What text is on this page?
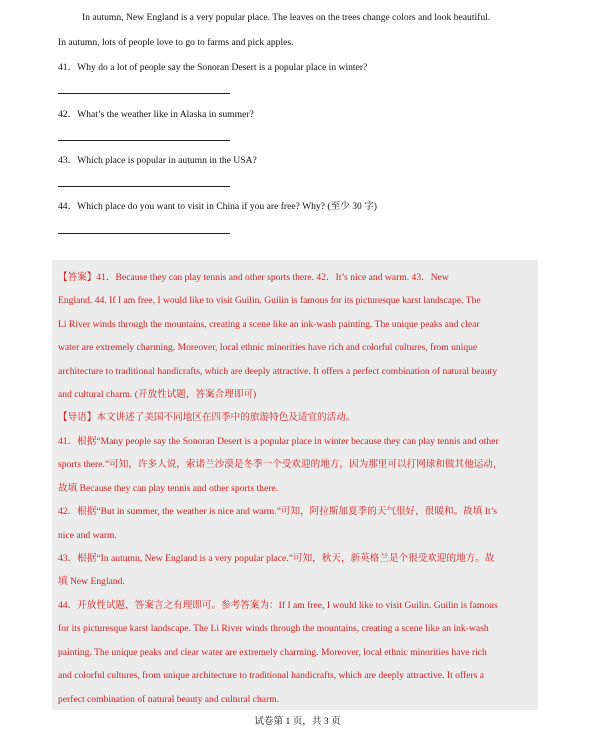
In autumn, New England is a very popular place. The leaves on the trees change colors and look beautiful.
In autumn, lots of people love to go to farms and pick apples.
41．Why do a lot of people say the Sonoran Desert is a popular place in winter?
42．What’s the weather like in Alaska in summer?
43．Which place is popular in autumn in the USA?
44．Which place do you want to visit in China if you are free? Why? (至少 30 字)
【答案】41．Because they can play tennis and other sports there. 42．It’s nice and warm. 43．New
England. 44. If I am free, I would like to visit Guilin. Guilin is famous for its picturesque karst landscape. The
Li River winds through the mountains, creating a scene like an ink-wash painting. The unique peaks and clear
water are extremely charming. Moreover, local ethnic minorities have rich and colorful cultures, from unique
architecture to traditional handicrafts, which are deeply attractive. It offers a perfect combination of natural beauty
and cultural charm. (开放性试题，答案合理即可)
【导语】本文讲述了美国不同地区在四季中的旅游特色及适宜的活动。
41．根据“Many people say the Sonoran Desert is a popular place in winter because they can play tennis and other
sports there.”可知，许多人说，索诺兰沙漠是冬季一个受欢迎的地方，因为那里可以打网球和做其他运动，
故填 Because they can play tennis and other sports there.
42．根据“But in summer, the weather is nice and warm.”可知，阿拉斯加夏季的天气很好，很暖和。故填 It’s
nice and warm.
43．根据“In autumn, New England is a very popular place.”可知，秋天，新英格兰是个很受欢迎的地方。故
填 New England.
44．开放性试题，答案言之有理即可。参考答案为：If I am free, I would like to visit Guilin. Guilin is famous
for its picturesque karst landscape. The Li River winds through the mountains, creating a scene like an ink-wash
painting. The unique peaks and clear water are extremely charming. Moreover, local ethnic minorities have rich
and colorful cultures, from unique architecture to traditional handicrafts, which are deeply attractive. It offers a
perfect combination of natural beauty and cultural charm.
试卷第 1 页，共 3 页
